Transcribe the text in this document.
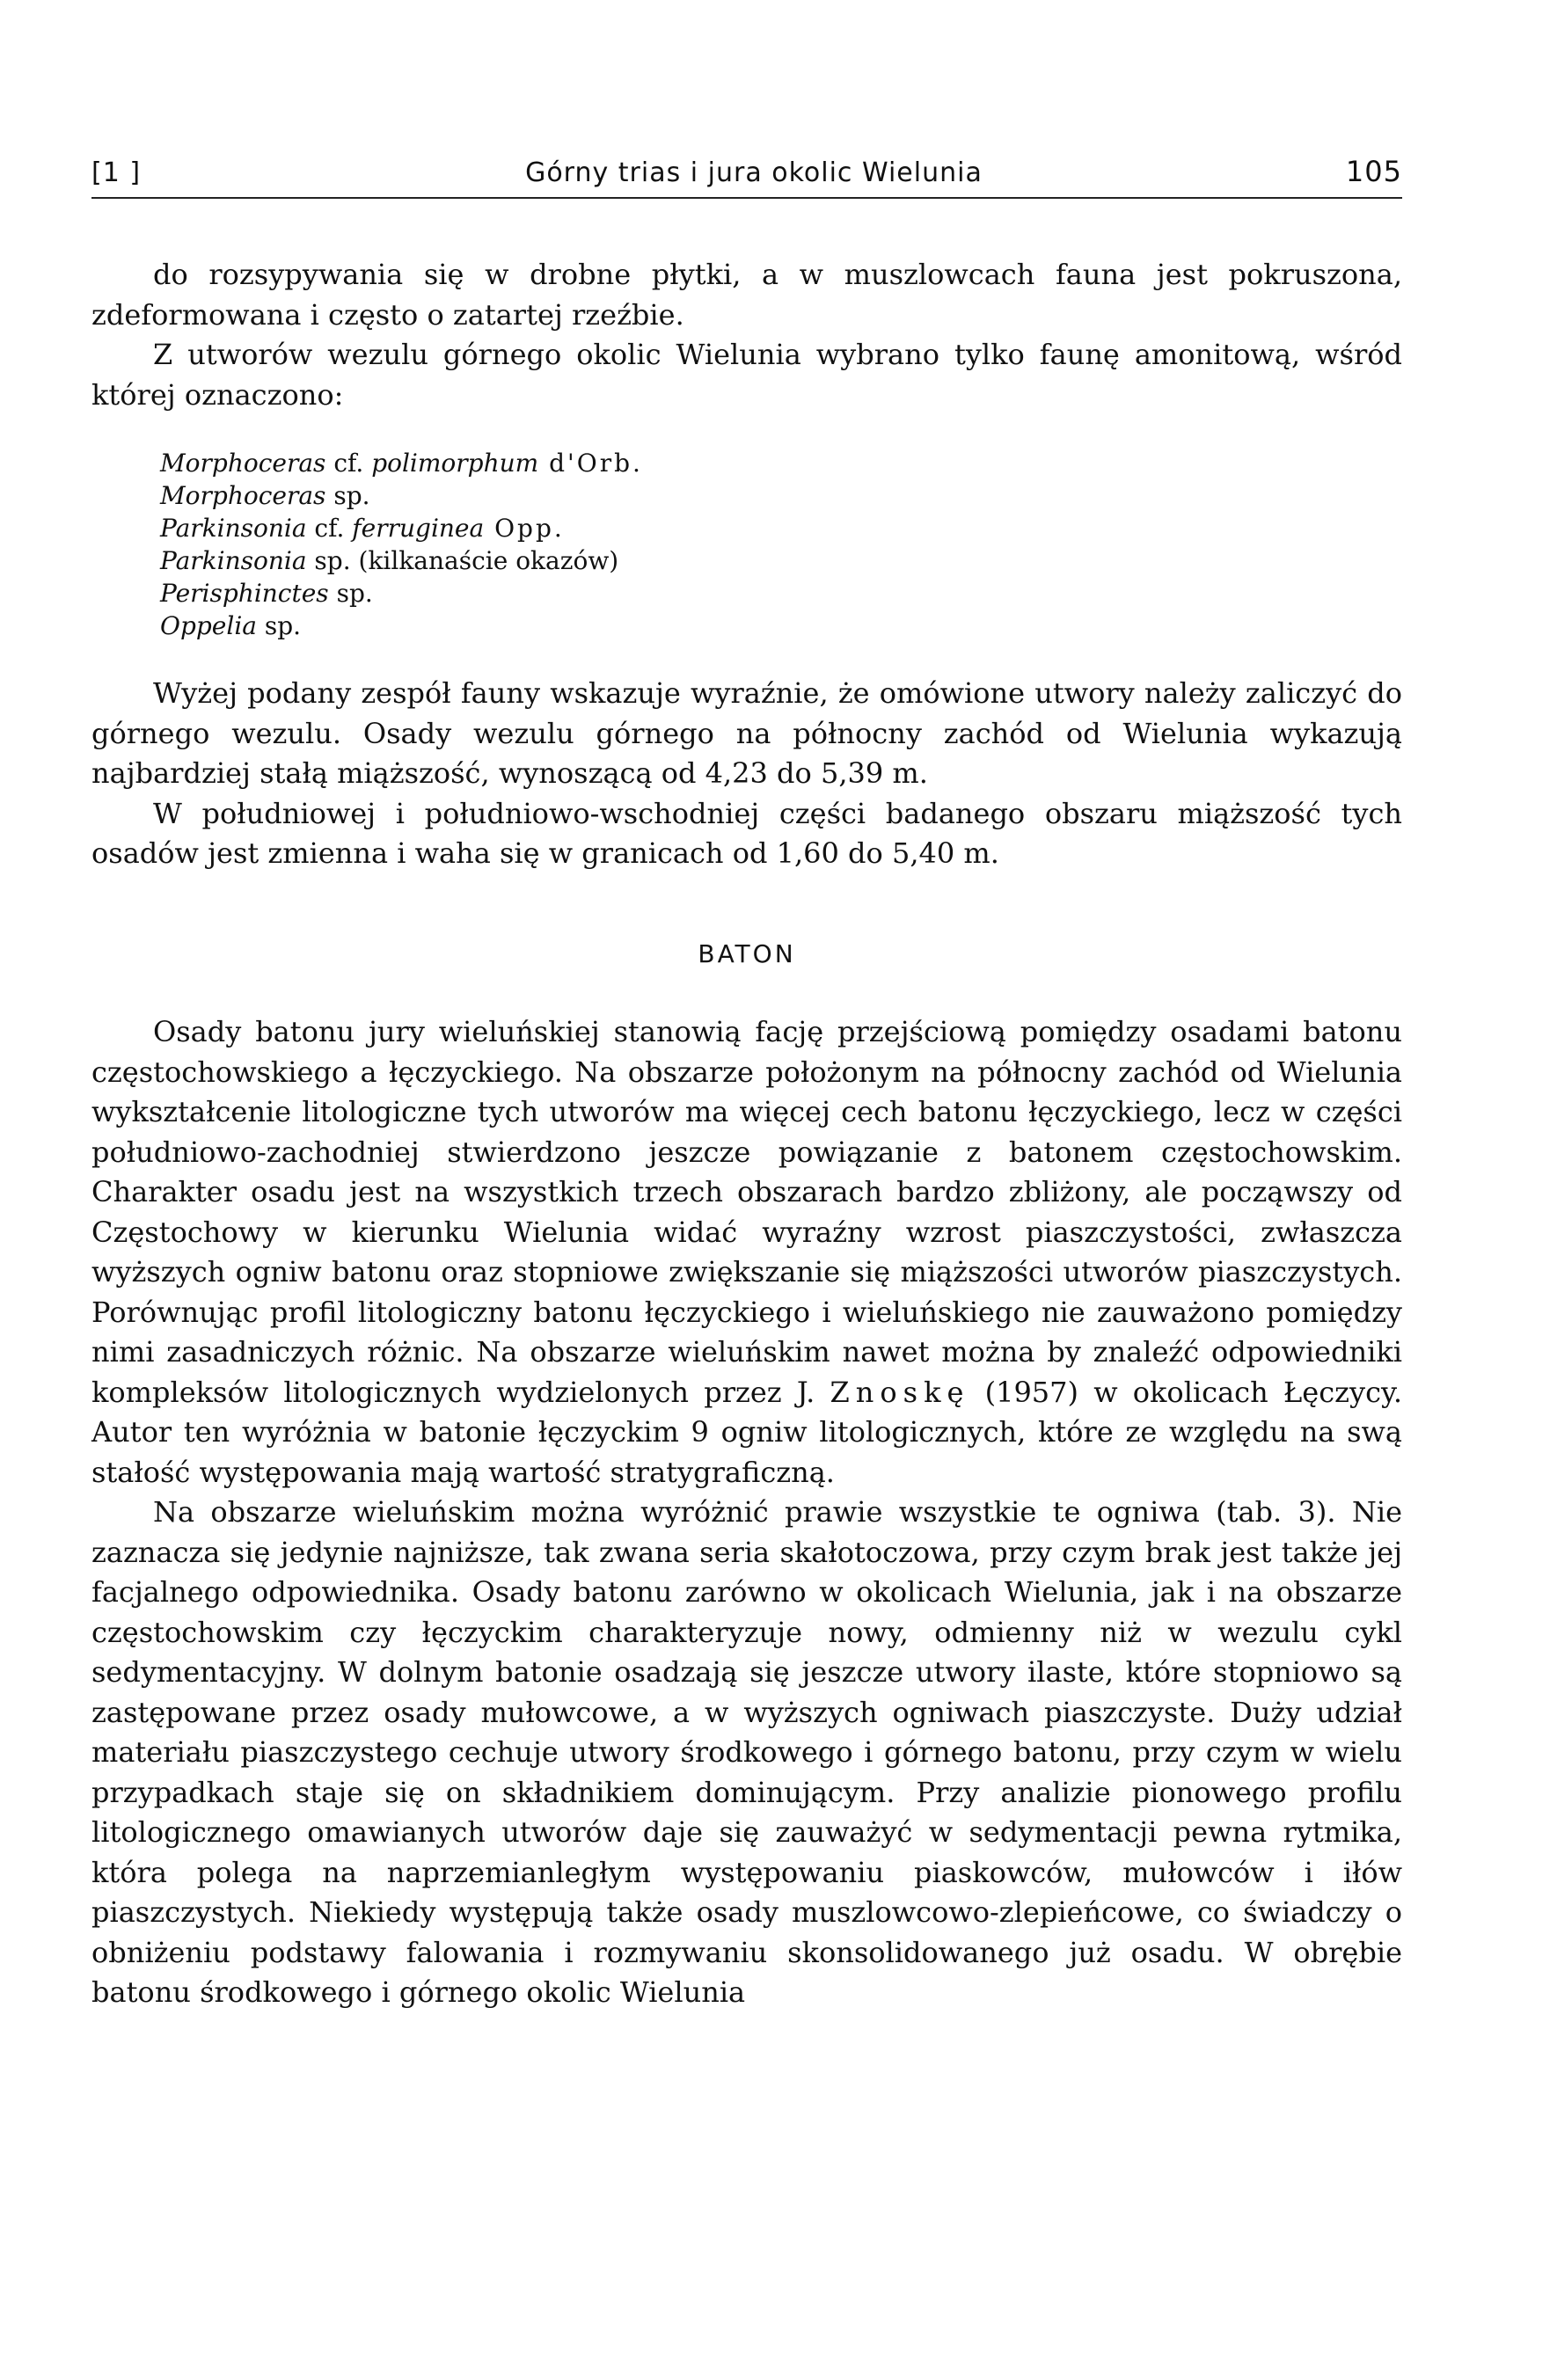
[1 ]	Górny trias i jura okolic Wielunia	105

do rozsypywania się w drobne płytki, a w muszlowcach fauna jest pokruszona, zdeformowana i często o zatartej rzeźbie.

Z utworów wezulu górnego okolic Wielunia wybrano tylko faunę amonitową, wśród której oznaczono:

Morphoceras cf. polimorphum d'Orb.
Morphoceras sp.
Parkinsonia cf. ferruginea Opp.
Parkinsonia sp. (kilkanaście okazów)
Perisphinctes sp.
Oppelia sp.

Wyżej podany zespół fauny wskazuje wyraźnie, że omówione utwory należy zaliczyć do górnego wezulu. Osady wezulu górnego na północny zachód od Wielunia wykazują najbardziej stałą miąższość, wynoszącą od 4,23 do 5,39 m.

W południowej i południowo-wschodniej części badanego obszaru miąższość tych osadów jest zmienna i waha się w granicach od 1,60 do 5,40 m.

BATON

Osady batonu jury wieluńskiej stanowią fację przejściową pomiędzy osadami batonu częstochowskiego a łęczyckiego. Na obszarze położonym na północny zachód od Wielunia wykształcenie litologiczne tych utworów ma więcej cech batonu łęczyckiego, lecz w części południowo-zachodniej stwierdzono jeszcze powiązanie z batonem częstochowskim. Charakter osadu jest na wszystkich trzech obszarach bardzo zbliżony, ale począwszy od Częstochowy w kierunku Wielunia widać wyraźny wzrost piaszczystości, zwłaszcza wyższych ogniw batonu oraz stopniowe zwiększanie się miąższości utworów piaszczystych. Porównując profil litologiczny batonu łęczyckiego i wieluńskiego nie zauważono pomiędzy nimi zasadniczych różnic. Na obszarze wieluńskim nawet można by znaleźć odpowiedniki kompleksów litologicznych wydzielonych przez J. Znoskę (1957) w okolicach Łęczycy. Autor ten wyróżnia w batonie łęczyckim 9 ogniw litologicznych, które ze względu na swą stałość występowania mają wartość stratygraficzną.

Na obszarze wieluńskim można wyróżnić prawie wszystkie te ogniwa (tab. 3). Nie zaznacza się jedynie najniższe, tak zwana seria skałotoczowa, przy czym brak jest także jej facjalnego odpowiednika. Osady batonu zarówno w okolicach Wielunia, jak i na obszarze częstochowskim czy łęczyckim charakteryzuje nowy, odmienny niż w wezulu cykl sedymentacyjny. W dolnym batonie osadzają się jeszcze utwory ilaste, które stopniowo są zastępowane przez osady mułowcowe, a w wyższych ogniwach piaszczyste. Duży udział materiału piaszczystego cechuje utwory środkowego i górnego batonu, przy czym w wielu przypadkach staje się on składnikiem dominującym. Przy analizie pionowego profilu litologicznego omawianych utworów daje się zauważyć w sedymentacji pewna rytmika, która polega na naprzemianległym występowaniu piaskowców, mułowców i iłów piaszczystych. Niekiedy występują także osady muszlowcowo-zlepieńcowe, co świadczy o obniżeniu podstawy falowania i rozmywaniu skonsolidowanego już osadu. W obrębie batonu środkowego i górnego okolic Wielunia
